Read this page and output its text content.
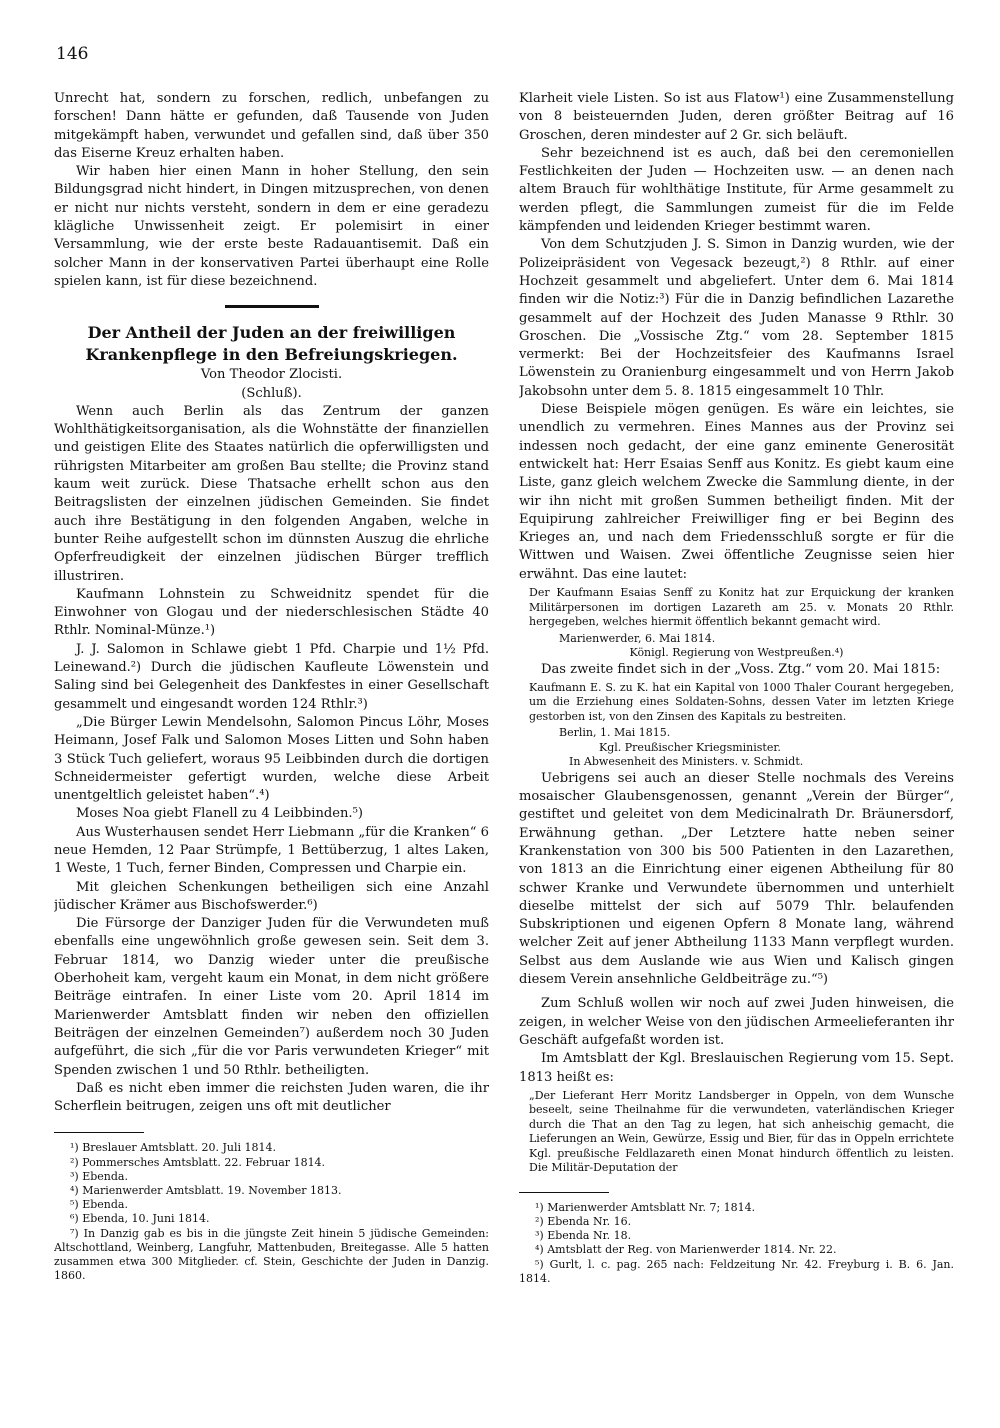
146

Unrecht hat, sondern zu forschen, redlich, unbefangen zu forschen! Dann hätte er gefunden, daß Tausende von Juden mitgekämpft haben, verwundet und gefallen sind, daß über 350 das Eiserne Kreuz erhalten haben.

Wir haben hier einen Mann in hoher Stellung, den sein Bildungsgrad nicht hindert, in Dingen mitzusprechen, von denen er nicht nur nichts versteht, sondern in dem er eine geradezu klägliche Unwissenheit zeigt. Er polemisirt in einer Versammlung, wie der erste beste Radauantisemit. Daß ein solcher Mann in der konservativen Partei überhaupt eine Rolle spielen kann, ist für diese bezeichnend.

Der Antheil der Juden an der freiwilligen Krankenpflege in den Befreiungskriegen.

Von Theodor Zlocisti.

(Schluß).

Wenn auch Berlin als das Zentrum der ganzen Wohlthätigkeitsorganisation, als die Wohnstätte der finanziellen und geistigen Elite des Staates natürlich die opferwilligsten und rührigsten Mitarbeiter am großen Bau stellte; die Provinz stand kaum weit zurück. Diese Thatsache erhellt schon aus den Beitragslisten der einzelnen jüdischen Gemeinden. Sie findet auch ihre Bestätigung in den folgenden Angaben, welche in bunter Reihe aufgestellt schon im dünnsten Auszug die ehrliche Opferfreudigkeit der einzelnen jüdischen Bürger trefflich illustriren.

Kaufmann Lohnstein zu Schweidnitz spendet für die Einwohner von Glogau und der niederschlesischen Städte 40 Rthlr. Nominal-Münze.¹)

J. J. Salomon in Schlawe giebt 1 Pfd. Charpie und 1½ Pfd. Leinewand.²) Durch die jüdischen Kaufleute Löwenstein und Saling sind bei Gelegenheit des Dankfestes in einer Gesellschaft gesammelt und eingesandt worden 124 Rthlr.³)

„Die Bürger Lewin Mendelsohn, Salomon Pincus Löhr, Moses Heimann, Josef Falk und Salomon Moses Litten und Sohn haben 3 Stück Tuch geliefert, woraus 95 Leibbinden durch die dortigen Schneidermeister gefertigt wurden, welche diese Arbeit unentgeltlich geleistet haben“.⁴)

Moses Noa giebt Flanell zu 4 Leibbinden.⁵)

Aus Wusterhausen sendet Herr Liebmann „für die Kranken“ 6 neue Hemden, 12 Paar Strümpfe, 1 Bettüberzug, 1 altes Laken, 1 Weste, 1 Tuch, ferner Binden, Compressen und Charpie ein.

Mit gleichen Schenkungen betheiligen sich eine Anzahl jüdischer Krämer aus Bischofswerder.⁶)

Die Fürsorge der Danziger Juden für die Verwundeten muß ebenfalls eine ungewöhnlich große gewesen sein. Seit dem 3. Februar 1814, wo Danzig wieder unter die preußische Oberhoheit kam, vergeht kaum ein Monat, in dem nicht größere Beiträge eintrafen. In einer Liste vom 20. April 1814 im Marienwerder Amtsblatt finden wir neben den offiziellen Beiträgen der einzelnen Gemeinden⁷) außerdem noch 30 Juden aufgeführt, die sich „für die vor Paris verwundeten Krieger“ mit Spenden zwischen 1 und 50 Rthlr. betheiligten.

Daß es nicht eben immer die reichsten Juden waren, die ihr Scherflein beitrugen, zeigen uns oft mit deutlicher

¹) Breslauer Amtsblatt. 20. Juli 1814.

²) Pommersches Amtsblatt. 22. Februar 1814.

³) Ebenda.

⁴) Marienwerder Amtsblatt. 19. November 1813.

⁵) Ebenda.

⁶) Ebenda, 10. Juni 1814.

⁷) In Danzig gab es bis in die jüngste Zeit hinein 5 jüdische Gemeinden: Altschottland, Weinberg, Langfuhr, Mattenbuden, Breitegasse. Alle 5 hatten zusammen etwa 300 Mitglieder. cf. Stein, Geschichte der Juden in Danzig. 1860.

Klarheit viele Listen. So ist aus Flatow¹) eine Zusammenstellung von 8 beisteuernden Juden, deren größter Beitrag auf 16 Groschen, deren mindester auf 2 Gr. sich beläuft.

Sehr bezeichnend ist es auch, daß bei den ceremoniellen Festlichkeiten der Juden — Hochzeiten usw. — an denen nach altem Brauch für wohlthätige Institute, für Arme gesammelt zu werden pflegt, die Sammlungen zumeist für die im Felde kämpfenden und leidenden Krieger bestimmt waren.

Von dem Schutzjuden J. S. Simon in Danzig wurden, wie der Polizeipräsident von Vegesack bezeugt,²) 8 Rthlr. auf einer Hochzeit gesammelt und abgeliefert. Unter dem 6. Mai 1814 finden wir die Notiz:³) Für die in Danzig befindlichen Lazarethe gesammelt auf der Hochzeit des Juden Manasse 9 Rthlr. 30 Groschen. Die „Vossische Ztg.“ vom 28. September 1815 vermerkt: Bei der Hochzeitsfeier des Kaufmanns Israel Löwenstein zu Oranienburg eingesammelt und von Herrn Jakob Jakobsohn unter dem 5. 8. 1815 eingesammelt 10 Thlr.

Diese Beispiele mögen genügen. Es wäre ein leichtes, sie unendlich zu vermehren. Eines Mannes aus der Provinz sei indessen noch gedacht, der eine ganz eminente Generosität entwickelt hat: Herr Esaias Senff aus Konitz. Es giebt kaum eine Liste, ganz gleich welchem Zwecke die Sammlung diente, in der wir ihn nicht mit großen Summen betheiligt finden. Mit der Equipirung zahlreicher Freiwilliger fing er bei Beginn des Krieges an, und nach dem Friedensschluß sorgte er für die Wittwen und Waisen. Zwei öffentliche Zeugnisse seien hier erwähnt. Das eine lautet:

Der Kaufmann Esaias Senff zu Konitz hat zur Erquickung der kranken Militärpersonen im dortigen Lazareth am 25. v. Monats 20 Rthlr. hergegeben, welches hiermit öffentlich bekannt gemacht wird.

Marienwerder, 6. Mai 1814.

Königl. Regierung von Westpreußen.⁴)

Das zweite findet sich in der „Voss. Ztg.“ vom 20. Mai 1815:

Kaufmann E. S. zu K. hat ein Kapital von 1000 Thaler Courant hergegeben, um die Erziehung eines Soldaten-Sohns, dessen Vater im letzten Kriege gestorben ist, von den Zinsen des Kapitals zu bestreiten.

Berlin, 1. Mai 1815.

Kgl. Preußischer Kriegsminister.

In Abwesenheit des Ministers. v. Schmidt.

Uebrigens sei auch an dieser Stelle nochmals des Vereins mosaischer Glaubensgenossen, genannt „Verein der Bürger“, gestiftet und geleitet von dem Medicinalrath Dr. Bräunersdorf, Erwähnung gethan. „Der Letztere hatte neben seiner Krankenstation von 300 bis 500 Patienten in den Lazarethen, von 1813 an die Einrichtung einer eigenen Abtheilung für 80 schwer Kranke und Verwundete übernommen und unterhielt dieselbe mittelst der sich auf 5079 Thlr. belaufenden Subskriptionen und eigenen Opfern 8 Monate lang, während welcher Zeit auf jener Abtheilung 1133 Mann verpflegt wurden. Selbst aus dem Auslande wie aus Wien und Kalisch gingen diesem Verein ansehnliche Geldbeiträge zu.“⁵)

Zum Schluß wollen wir noch auf zwei Juden hinweisen, die zeigen, in welcher Weise von den jüdischen Armeelieferanten ihr Geschäft aufgefaßt worden ist.

Im Amtsblatt der Kgl. Breslauischen Regierung vom 15. Sept. 1813 heißt es:

„Der Lieferant Herr Moritz Landsberger in Oppeln, von dem Wunsche beseelt, seine Theilnahme für die verwundeten, vaterländischen Krieger durch die That an den Tag zu legen, hat sich anheischig gemacht, die Lieferungen an Wein, Gewürze, Essig und Bier, für das in Oppeln errichtete Kgl. preußische Feldlazareth einen Monat hindurch öffentlich zu leisten. Die Militär-Deputation der

¹) Marienwerder Amtsblatt Nr. 7; 1814.

²) Ebenda Nr. 16.

³) Ebenda Nr. 18.

⁴) Amtsblatt der Reg. von Marienwerder 1814. Nr. 22.

⁵) Gurlt, l. c. pag. 265 nach: Feldzeitung Nr. 42. Freyburg i. B. 6. Jan. 1814.
